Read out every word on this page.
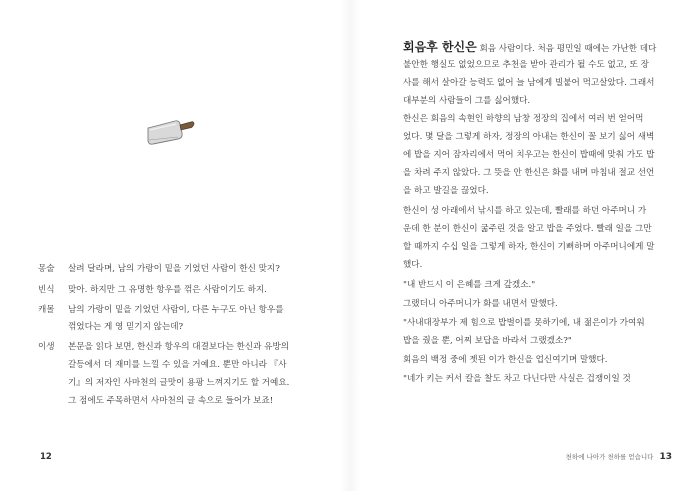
몽술	살려 달라며, 남의 가랑이 밑을 기었던 사람이 한신 맞지?
빈식	맞아. 하지만 그 유명한 항우를 꺾은 사람이기도 하지.
캐몰	남의 가랑이 밑을 기었던 사람이, 다른 누구도 아닌 항우를
꺾었다는 게 영 믿기지 않는데?
이생	본문을 읽다 보면, 한신과 항우의 대결보다는 한신과 유방의
갈등에서 더 재미를 느낄 수 있을 거예요. 뿐만 아니라 『사
기』의 저자인 사마천의 글맛이 용팡 느껴지기도 할 거예요.
그 점에도 주목하면서 사마천의 글 속으로 들어가 보죠!
12
회음후 한신은 회음 사람이다. 처음 평민일 때에는 가난한 데다
불안한 행실도 없었으므로 추천을 받아 관리가 될 수도 없고, 또 장
사를 해서 살아갈 능력도 없어 늘 남에게 빌붙어 먹고살았다. 그래서
대부분의 사람들이 그를 싫어했다.
한신은 회음의 속현인 하향의 남창 정장의 집에서 여러 번 얻어먹
었다. 몇 달을 그렇게 하자, 정장의 아내는 한신이 꼴 보기 싫어 새벽
에 밥을 지어 잠자리에서 먹어 치우고는 한신이 밥때에 맞춰 가도 밥
을 차려 주지 않았다. 그 뜻을 안 한신은 화를 내며 마침내 절교 선언
을 하고 발길을 끊었다.
한신이 성 아래에서 낚시를 하고 있는데, 빨래를 하던 아주머니 가
운데 한 분이 한신이 굶주린 것을 알고 밥을 주었다. 빨래 일을 그만
할 때까지 수십 일을 그렇게 하자, 한신이 기뻐하며 아주머니에게 말
했다.
"내 반드시 이 은혜를 크게 갚겠소."
그랬더니 아주머니가 화를 내면서 말했다.
"사내대장부가 제 힘으로 밥벌이를 못하기에, 내 젊은이가 가여워
밥을 줬을 뿐, 어찌 보답을 바라서 그랬겠소?"
회음의 백정 중에 젯된 이가 한신을 업신여기며 말했다.
"네가 키는 커서 칼을 찰도 차고 다닌다만 사실은 겁쟁이일 것
천하에 나아가 천하를 얻습니다 13
